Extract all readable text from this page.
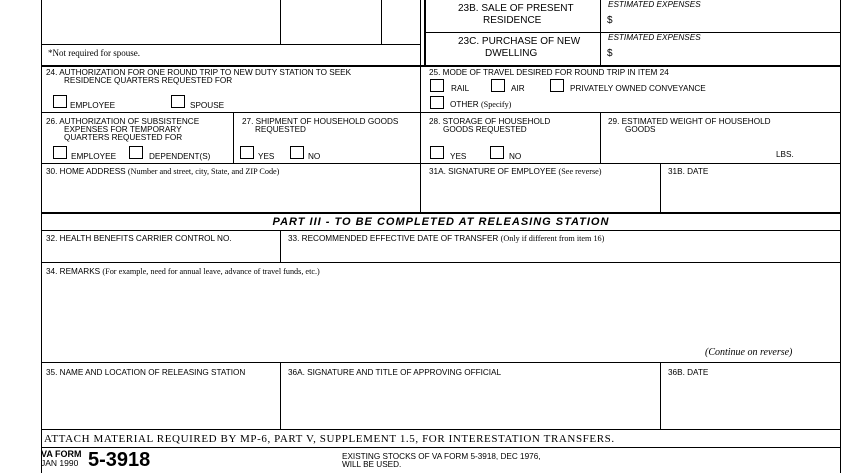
23B. SALE OF PRESENT
RESIDENCE
ESTIMATED EXPENSES
$
23C. PURCHASE OF NEW
DWELLING
ESTIMATED EXPENSES
$
*Not required for spouse.
24. AUTHORIZATION FOR ONE ROUND TRIP TO NEW DUTY STATION TO SEEK
RESIDENCE QUARTERS REQUESTED FOR
EMPLOYEE	SPOUSE
25. MODE OF TRAVEL DESIRED FOR ROUND TRIP IN ITEM 24
RAIL	AIR	PRIVATELY OWNED CONVEYANCE
OTHER (Specify)
26. AUTHORIZATION OF SUBSISTENCE
EXPENSES FOR TEMPORARY
QUARTERS REQUESTED FOR
EMPLOYEE	DEPENDENT(S)
27. SHIPMENT OF HOUSEHOLD GOODS
REQUESTED
YES	NO
28. STORAGE OF HOUSEHOLD
GOODS REQUESTED
YES	NO
29. ESTIMATED WEIGHT OF HOUSEHOLD
GOODS
LBS.
30. HOME ADDRESS (Number and street, city, State, and ZIP Code)	31A. SIGNATURE OF EMPLOYEE (See reverse)	31B. DATE
PART III - TO BE COMPLETED AT RELEASING STATION
32. HEALTH BENEFITS CARRIER CONTROL NO.	33. RECOMMENDED EFFECTIVE DATE OF TRANSFER (Only if different from item 16)
34. REMARKS (For example, need for annual leave, advance of travel funds, etc.)
(Continue on reverse)
35. NAME AND LOCATION OF RELEASING STATION	36A. SIGNATURE AND TITLE OF APPROVING OFFICIAL	36B. DATE
ATTACH MATERIAL REQUIRED BY MP-6, PART V, SUPPLEMENT 1.5, FOR INTERESTATION TRANSFERS.
VA FORM
JAN 1990 5-3918	EXISTING STOCKS OF VA FORM 5-3918, DEC 1976,
WILL BE USED.
